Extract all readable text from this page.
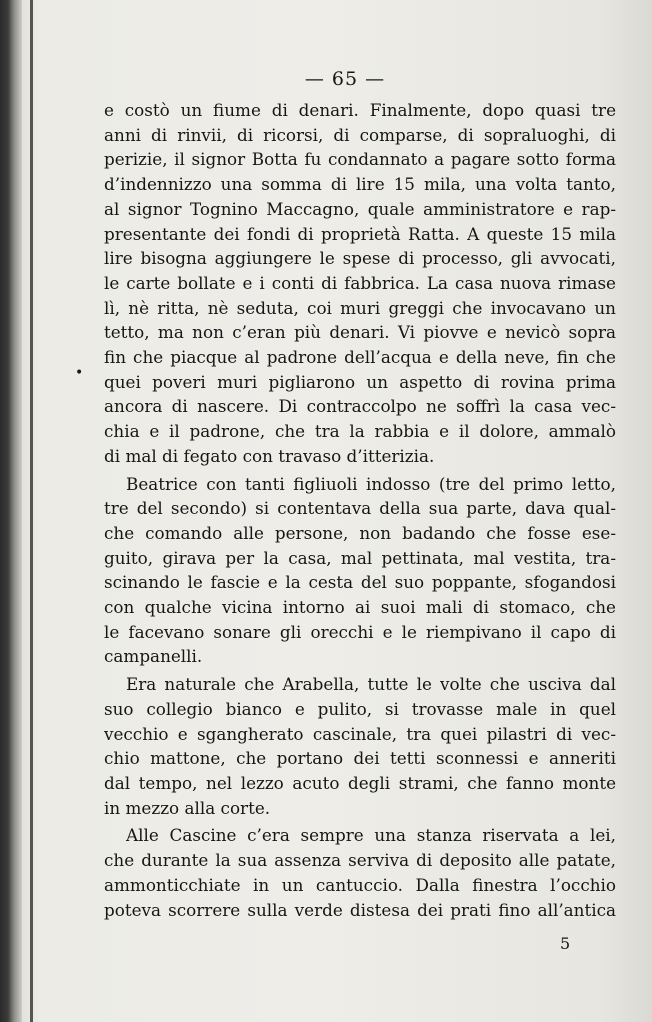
— 65 —
•
e costò un fiume di denari. Finalmente, dopo quasi tre
anni di rinvii, di ricorsi, di comparse, di sopraluoghi, di
perizie, il signor Botta fu condannato a pagare sotto forma
d’indennizzo una somma di lire 15 mila, una volta tanto,
al signor Tognino Maccagno, quale amministratore e rap-
presentante dei fondi di proprietà Ratta. A queste 15 mila
lire bisogna aggiungere le spese di processo, gli avvocati,
le carte bollate e i conti di fabbrica. La casa nuova rimase
lì, nè ritta, nè seduta, coi muri greggi che invocavano un
tetto, ma non c’eran più denari. Vi piovve e nevicò sopra
fin che piacque al padrone dell’acqua e della neve, fin che
quei poveri muri pigliarono un aspetto di rovina prima
ancora di nascere. Di contraccolpo ne soffrì la casa vec-
chia e il padrone, che tra la rabbia e il dolore, ammalò
di mal di fegato con travaso d’itterizia.
Beatrice con tanti figliuoli indosso (tre del primo letto,
tre del secondo) si contentava della sua parte, dava qual-
che comando alle persone, non badando che fosse ese-
guito, girava per la casa, mal pettinata, mal vestita, tra-
scinando le fascie e la cesta del suo poppante, sfogandosi
con qualche vicina intorno ai suoi mali di stomaco, che
le facevano sonare gli orecchi e le riempivano il capo di
campanelli.
Era naturale che Arabella, tutte le volte che usciva dal
suo collegio bianco e pulito, si trovasse male in quel
vecchio e sgangherato cascinale, tra quei pilastri di vec-
chio mattone, che portano dei tetti sconnessi e anneriti
dal tempo, nel lezzo acuto degli strami, che fanno monte
in mezzo alla corte.
Alle Cascine c’era sempre una stanza riservata a lei,
che durante la sua assenza serviva di deposito alle patate,
ammonticchiate in un cantuccio. Dalla finestra l’occhio
poteva scorrere sulla verde distesa dei prati fino all’antica
5
